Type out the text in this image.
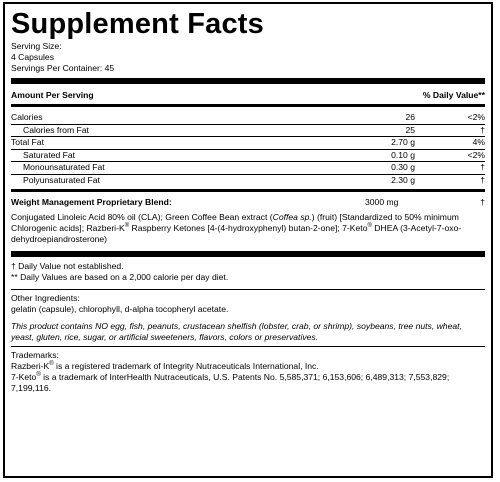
Supplement Facts
Serving Size:
4 Capsules
Servings Per Container: 45
Amount Per Serving	% Daily Value**
Calories	26	<2%
Calories from Fat	25	†
Total Fat	2.70 g	4%
Saturated Fat	0.10 g	<2%
Monounsaturated Fat	0.30 g	†
Polyunsaturated Fat	2.30 g	†
Weight Management Proprietary Blend:	3000 mg	†
Conjugated Linoleic Acid 80% oil (CLA); Green Coffee Bean extract (Coffea sp.) (fruit) [Standardized to 50% minimum Chlorogenic acids]; Razberi-K® Raspberry Ketones [4-(4-hydroxyphenyl) butan-2-one]; 7-Keto® DHEA (3-Acetyl-7-oxo-dehydroepiandrosterone)
† Daily Value not established.
** Daily Values are based on a 2,000 calorie per day diet.
Other Ingredients:
gelatin (capsule), chlorophyll, d-alpha tocopheryl acetate.
This product contains NO egg, fish, peanuts, crustacean shelfish (lobster, crab, or shrimp), soybeans, tree nuts, wheat, yeast, gluten, rice, sugar, or artificial sweeteners, flavors, colors or preservatives.
Trademarks:
Razberi-K® is a registered trademark of Integrity Nutraceuticals International, Inc.
7-Keto® is a trademark of InterHealth Nutraceuticals, U.S. Patents No. 5,585,371; 6,153,606; 6,489,313; 7,553,829; 7,199,116.
